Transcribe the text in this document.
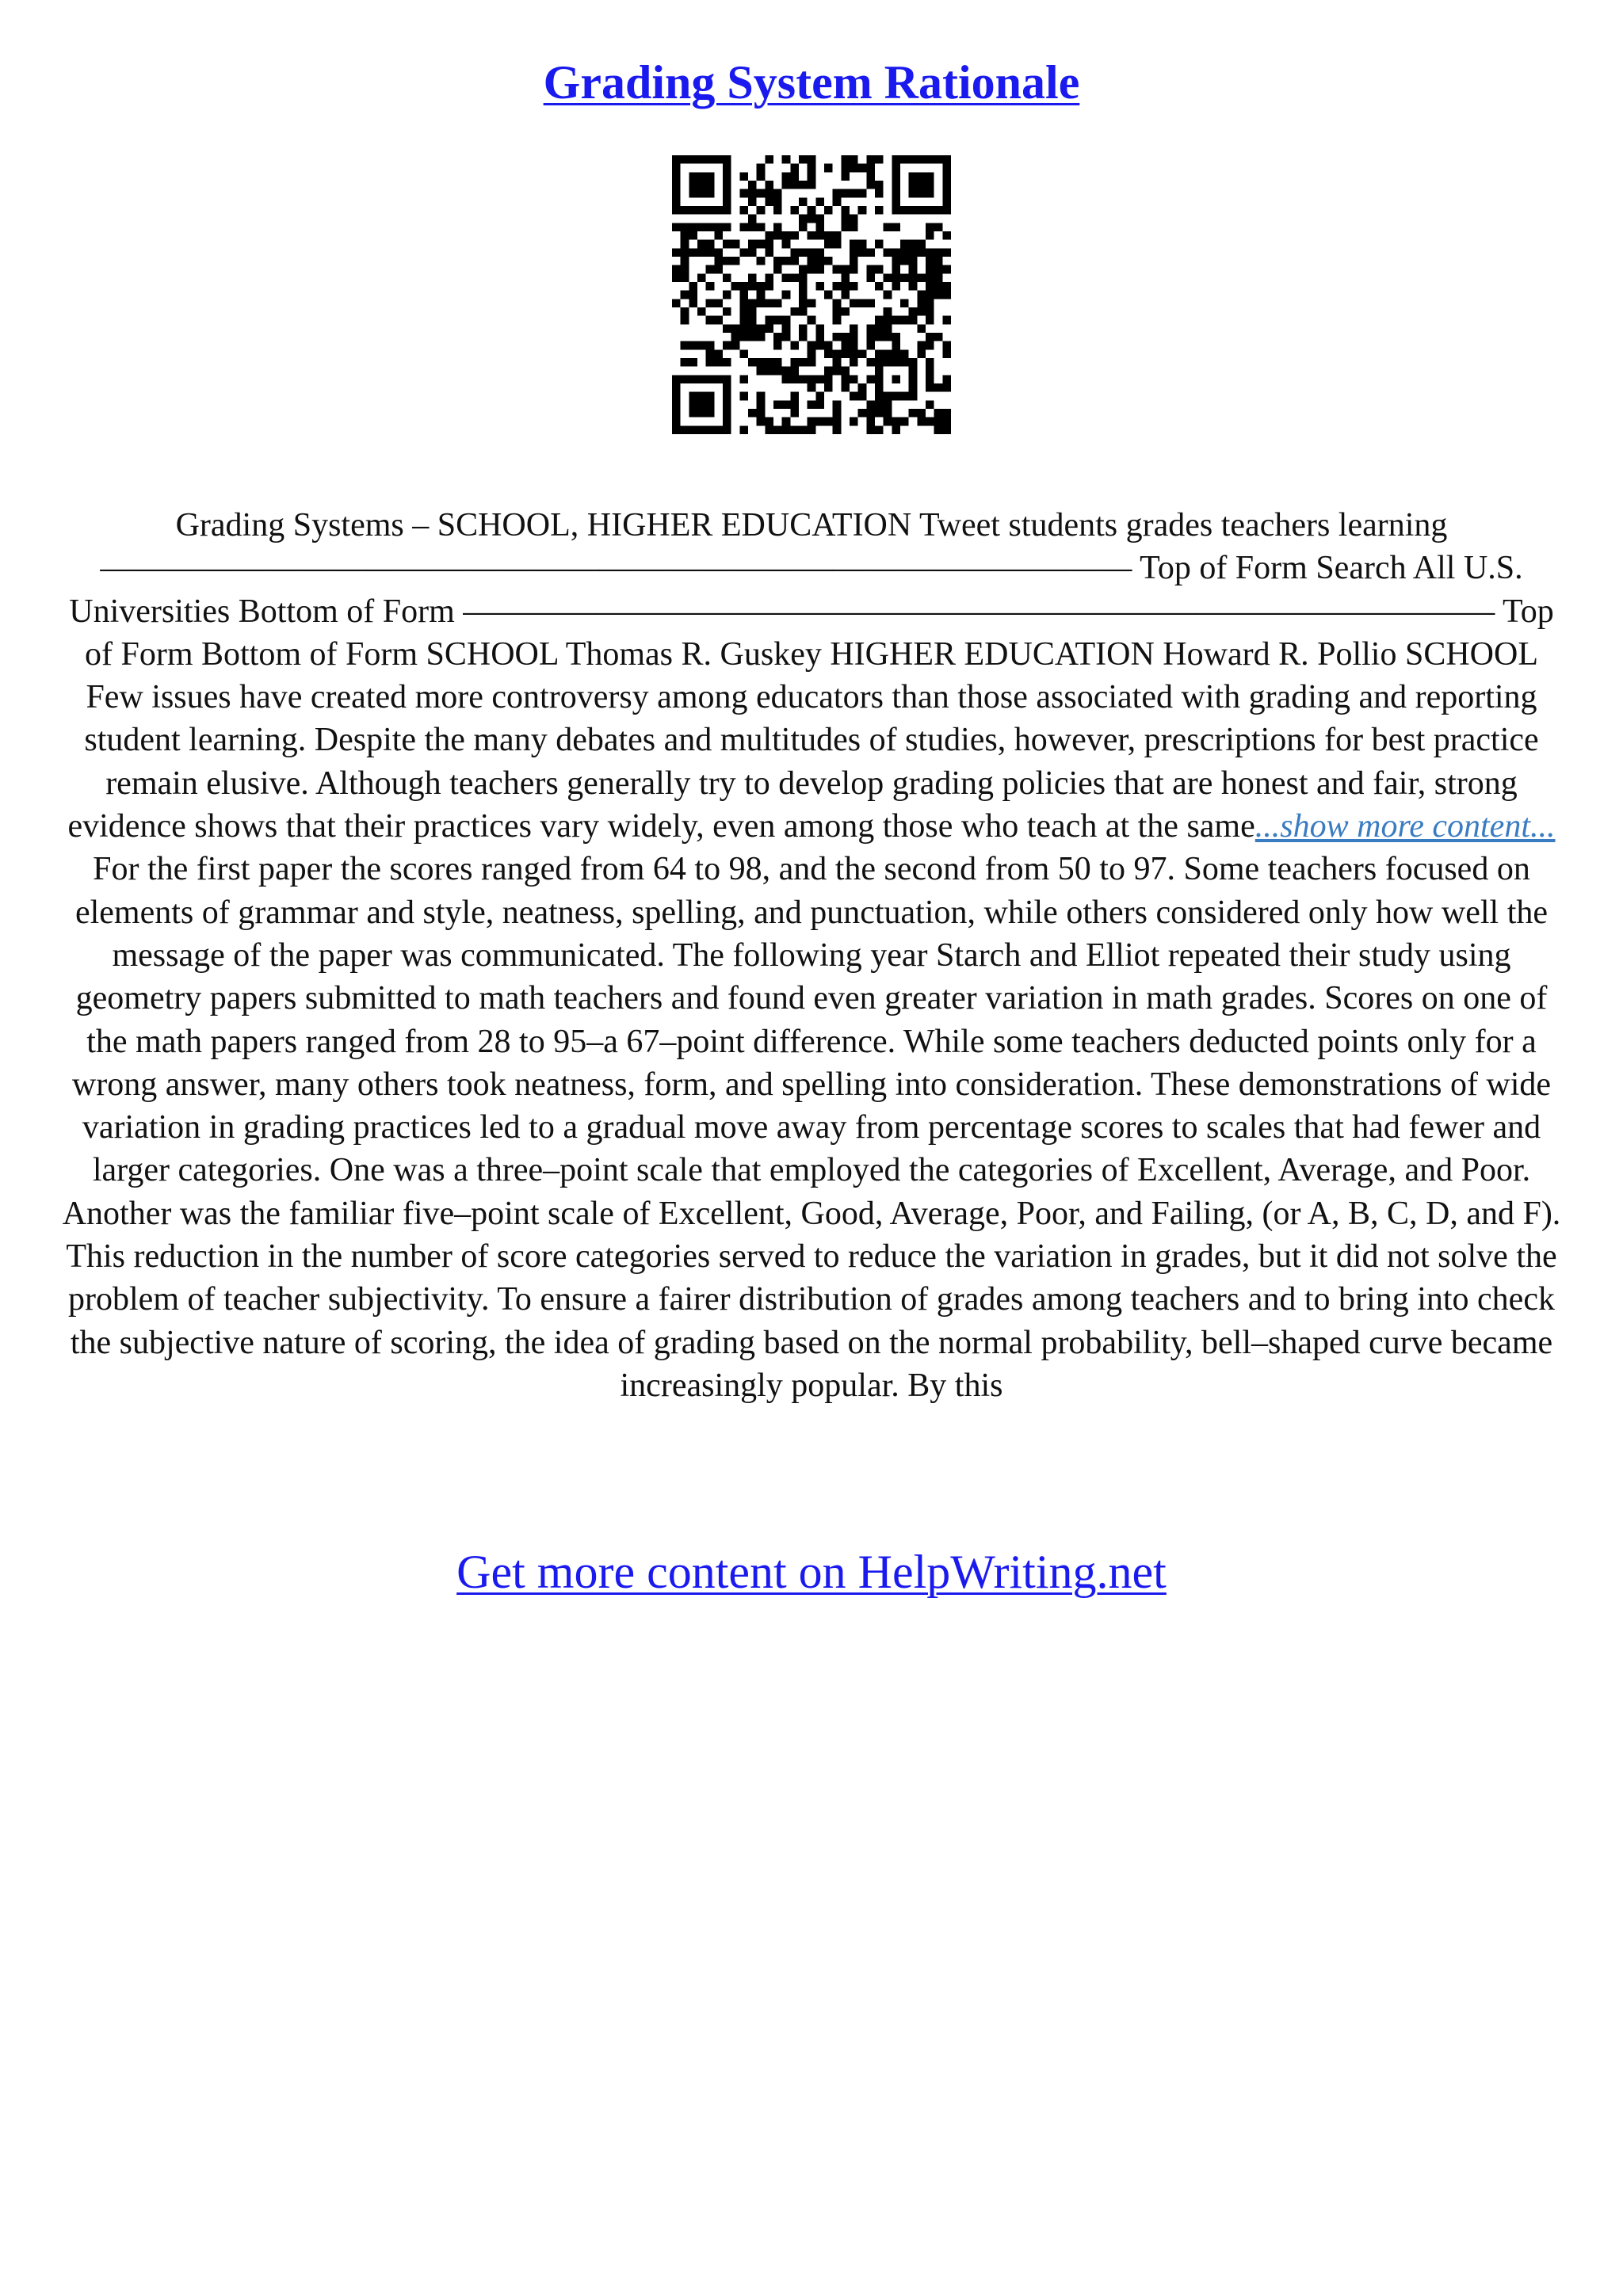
Grading System Rationale

Grading Systems – SCHOOL, HIGHER EDUCATION Tweet students grades teachers learning ——————————————————————————————— Top of Form Search All U.S. Universities Bottom of Form ——————————————————————————————— Top of Form Bottom of Form SCHOOL Thomas R. Guskey HIGHER EDUCATION Howard R. Pollio SCHOOL Few issues have created more controversy among educators than those associated with grading and reporting student learning. Despite the many debates and multitudes of studies, however, prescriptions for best practice remain elusive. Although teachers generally try to develop grading policies that are honest and fair, strong evidence shows that their practices vary widely, even among those who teach at the same...show more content...

For the first paper the scores ranged from 64 to 98, and the second from 50 to 97. Some teachers focused on elements of grammar and style, neatness, spelling, and punctuation, while others considered only how well the message of the paper was communicated. The following year Starch and Elliot repeated their study using geometry papers submitted to math teachers and found even greater variation in math grades. Scores on one of the math papers ranged from 28 to 95–a 67–point difference. While some teachers deducted points only for a wrong answer, many others took neatness, form, and spelling into consideration. These demonstrations of wide variation in grading practices led to a gradual move away from percentage scores to scales that had fewer and larger categories. One was a three–point scale that employed the categories of Excellent, Average, and Poor. Another was the familiar five–point scale of Excellent, Good, Average, Poor, and Failing, (or A, B, C, D, and F). This reduction in the number of score categories served to reduce the variation in grades, but it did not solve the problem of teacher subjectivity. To ensure a fairer distribution of grades among teachers and to bring into check the subjective nature of scoring, the idea of grading based on the normal probability, bell–shaped curve became increasingly popular. By this

Get more content on HelpWriting.net
